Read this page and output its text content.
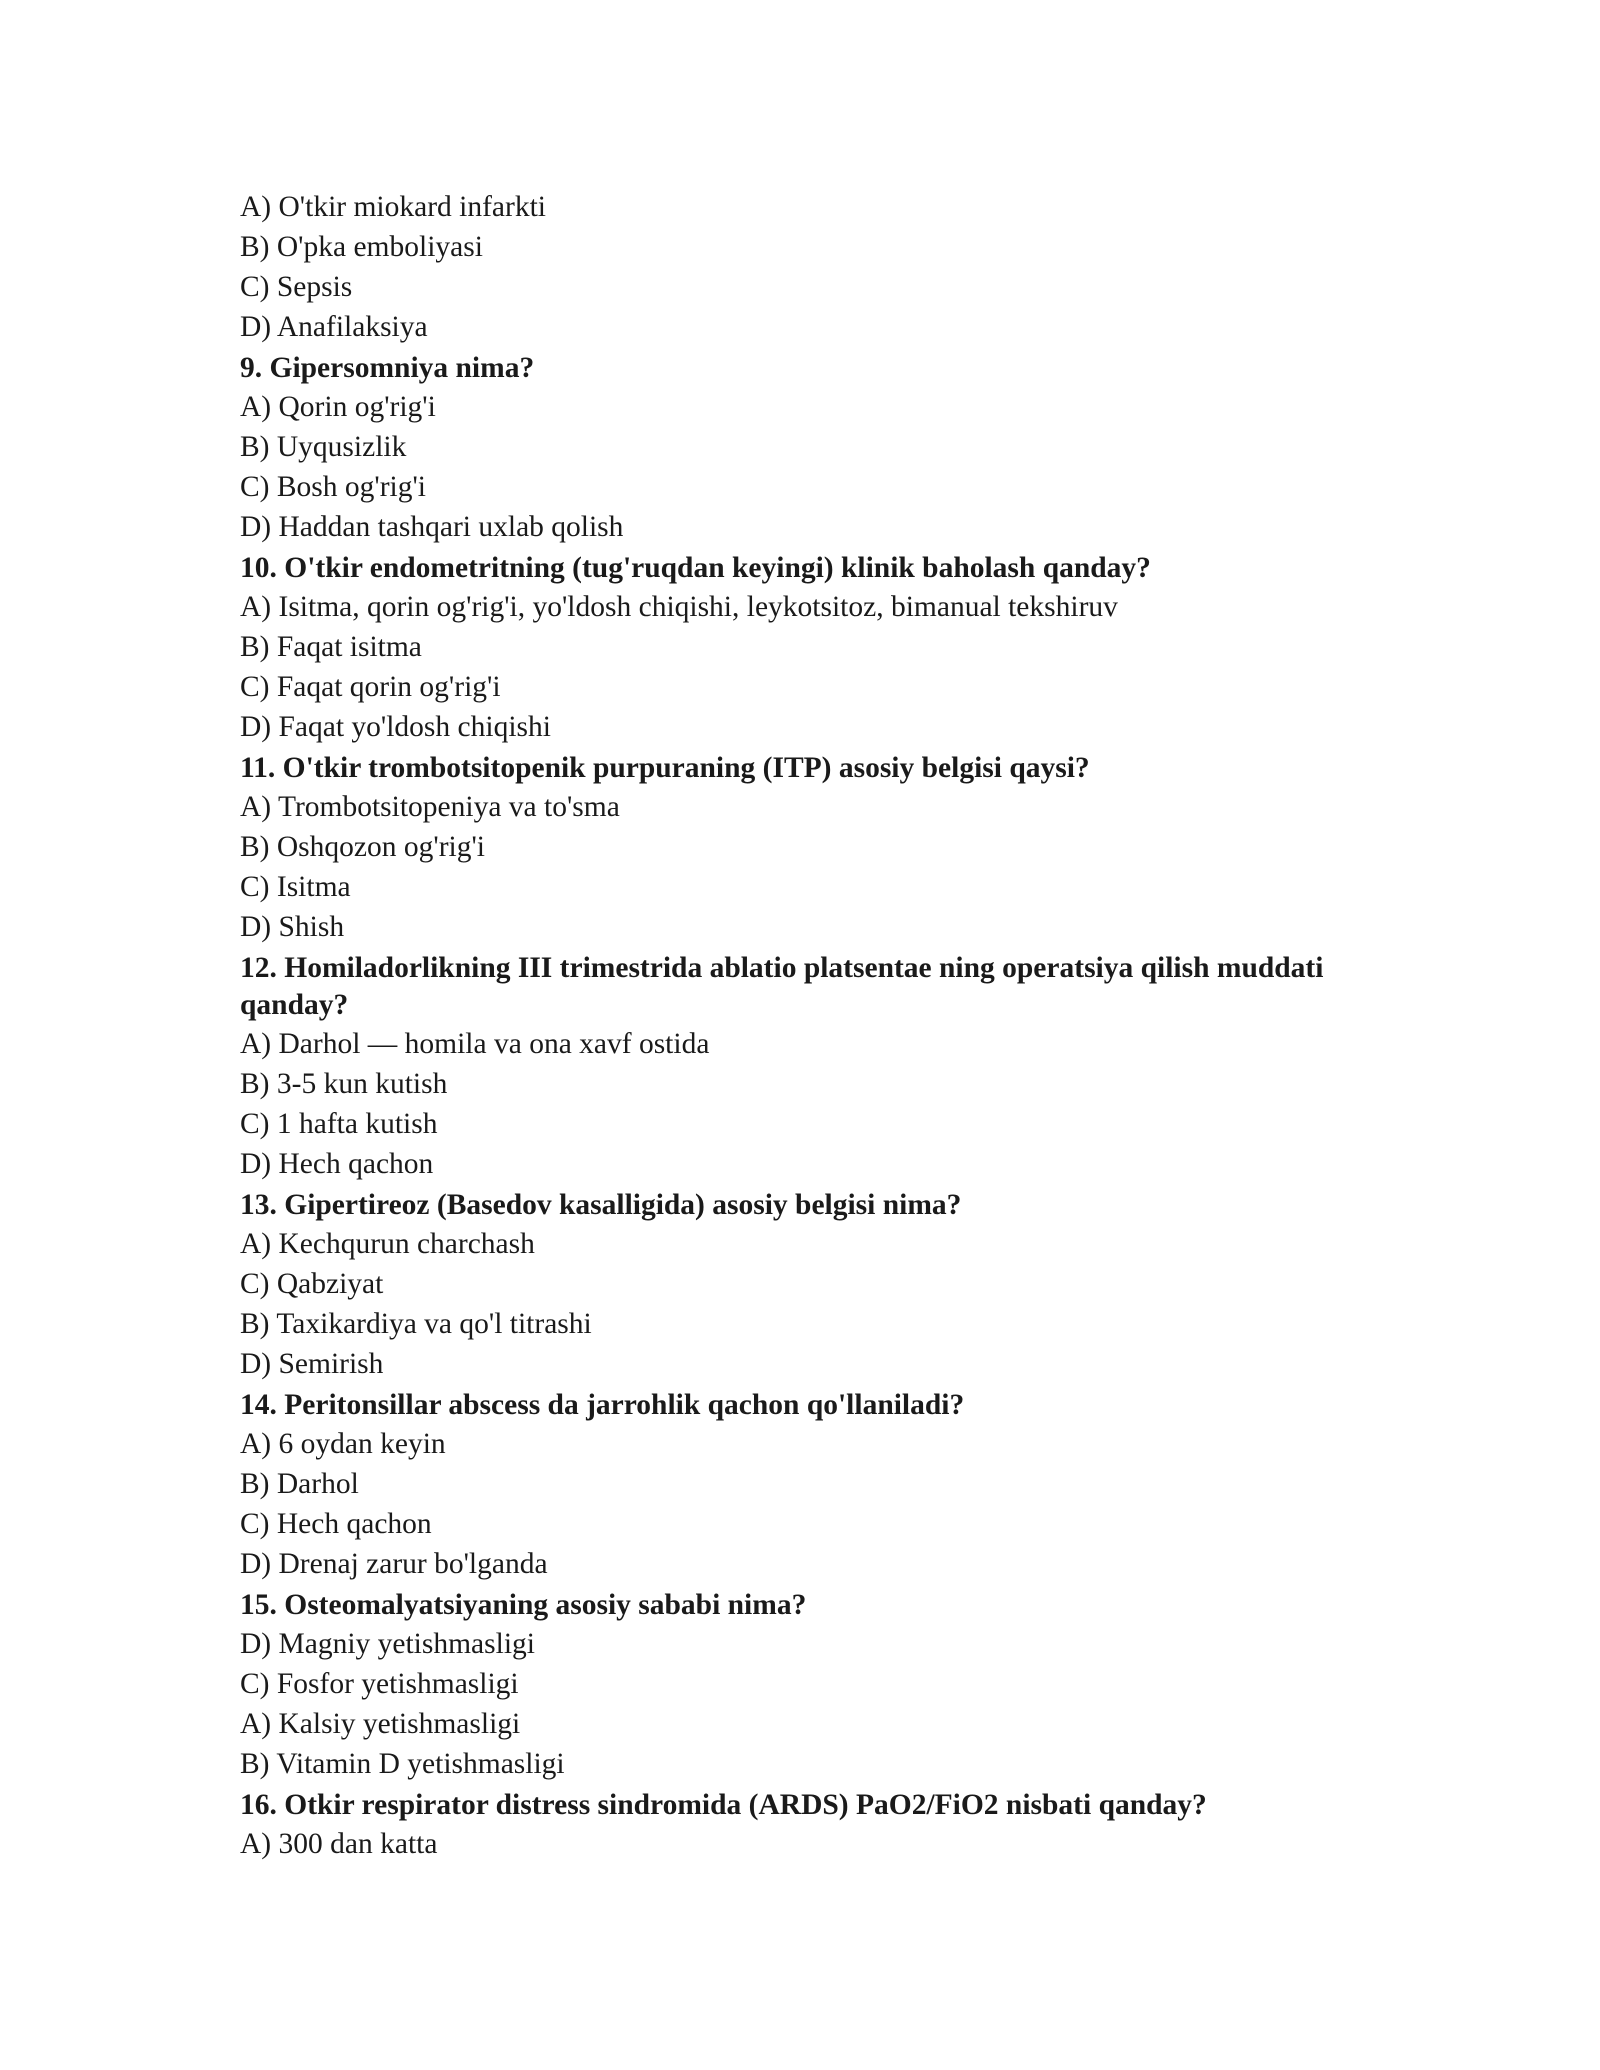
A) O'tkir miokard infarkti
B) O'pka emboliyasi
C) Sepsis
D) Anafilaksiya
9. Gipersomniya nima?
A) Qorin og'rig'i
B) Uyqusizlik
C) Bosh og'rig'i
D) Haddan tashqari uxlab qolish
10. O'tkir endometritning (tug'ruqdan keyingi) klinik baholash qanday?
A) Isitma, qorin og'rig'i, yo'ldosh chiqishi, leykotsitoz, bimanual tekshiruv
B) Faqat isitma
C) Faqat qorin og'rig'i
D) Faqat yo'ldosh chiqishi
11. O'tkir trombotsitopenik purpuraning (ITP) asosiy belgisi qaysi?
A) Trombotsitopeniya va to'sma
B) Oshqozon og'rig'i
C) Isitma
D) Shish
12. Homiladorlikning III trimestrida ablatio platsentae ning operatsiya qilish muddati qanday?
A) Darhol — homila va ona xavf ostida
B) 3-5 kun kutish
C) 1 hafta kutish
D) Hech qachon
13. Gipertireoz (Basedov kasalligida) asosiy belgisi nima?
A) Kechqurun charchash
C) Qabziyat
B) Taxikardiya va qo'l titrashi
D) Semirish
14. Peritonsillar abscess da jarrohlik qachon qo'llaniladi?
A) 6 oydan keyin
B) Darhol
C) Hech qachon
D) Drenaj zarur bo'lganda
15. Osteomalyatsiyaning asosiy sababi nima?
D) Magniy yetishmasligi
C) Fosfor yetishmasligi
A) Kalsiy yetishmasligi
B) Vitamin D yetishmasligi
16. Otkir respirator distress sindromida (ARDS) PaO2/FiO2 nisbati qanday?
A) 300 dan katta
